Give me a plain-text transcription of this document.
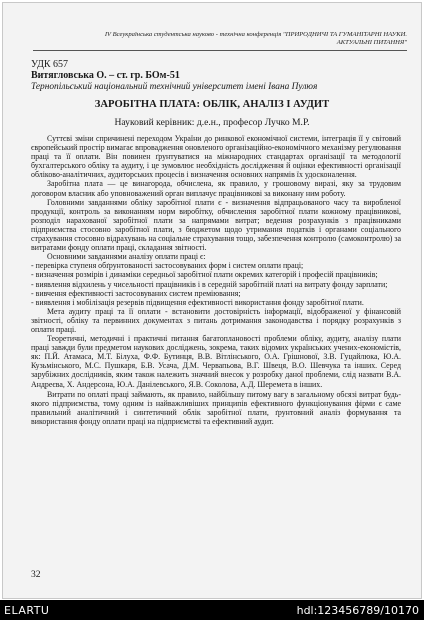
IV Всеукраїнська студентська науково - технічна конференція "ПРИРОДНИЧІ ТА ГУМАНІТАРНІ НАУКИ.
АКТУАЛЬНІ ПИТАННЯ"
УДК 657
Витягловська О. – ст. гр. БОм-51
Тернопільський національний технічний університет імені Івана Пулюя
ЗАРОБІТНА ПЛАТА: ОБЛІК, АНАЛІЗ І АУДИТ
Науковий керівник: д.е.н., професор Лучко М.Р.

Суттєві зміни спричинені переходом України до ринкової економічної системи, інтеграція її у світовий європейський простір вимагає впровадження оновленого організаційно-економічного механізму регулювання праці та її оплати. Він повинен ґрунтуватися на міжнародних стандартах організації та методології бухгалтерського обліку та аудиту, і це зумовлює необхідність дослідження й оцінки ефективності організації обліково-аналітичних, аудиторських процесів і визначення основних напрямів їх удосконалення.

Заробітна плата — це винагорода, обчислена, як правило, у грошовому виразі, яку за трудовим договором власник або уповноважений орган виплачує працівникові за виконану ним роботу.

Головними завданнями обліку заробітної плати є - визначення відпрацьованого часу та виробленої продукції, контроль за виконанням норм виробітку, обчислення заробітної плати кожному працівникові, розподіл нарахованої заробітної плати за напрямами витрат; ведення розрахунків з працівниками підприємства стосовно заробітної плати, з бюджетом щодо утримання податків і органами соціального страхування стосовно відрахувань на соціальне страхування тощо, забезпечення контролю (самоконтролю) за витратами фонду оплати праці, складання звітності.

Основними завданнями аналізу оплати праці є:

- перевірка ступеня обґрунтованості застосовуваних форм і систем оплати праці;

- визначення розмірів і динаміки середньої заробітної плати окремих категорій і професій працівників;

- виявлення відхилень у чисельності працівників і в середній заробітній платі на витрату фонду зарплати;

- вивчення ефективності застосовуваних систем преміювання;

- виявлення і мобілізація резервів підвищення ефективності використання фонду заробітної плати.

Мета аудиту праці та її оплати - встановити достовірність інформації, відображеної у фінансовій звітності, обліку та первинних документах з питань дотримання законодавства і порядку розрахунків з оплати праці.

Теоретичні, методичні і практичні питання багатоплановості проблеми обліку, аудиту, аналізу плати праці завжди були предметом наукових досліджень, зокрема, таких відомих українських учених-економістів, як: П.Й. Атамаса, М.Т. Білуха, Ф.Ф. Бутинця, В.В. Вітлінського, О.А. Грішнової, З.В. Гуцайлюка, Ю.А. Кузьмінського, М.С. Пушкаря, Б.В. Усача, Д.М. Червапьова, В.Г. Швеця, В.О. Шевчука та інших. Серед зарубіжних дослідників, яким також належить значний внесок у розробку даної проблеми, слід назвати В.А. Андреєва, Х. Андерсона, Ю.А. Данілевського, Я.В. Соколова, А.Д. Шеремета в інших.

Витрати по оплаті праці займають, як правило, найбільшу питому вагу в загальному обсязі витрат будь-якого підприємства, тому одним із найважливіших принципів ефективного функціонування фірми є саме правильний аналітичний і синтетичний облік заробітної плати, ґрунтовний аналіз формування та використання фонду оплати праці на підприємстві та ефективний аудит.

32
ELARTU	hdl:123456789/10170
